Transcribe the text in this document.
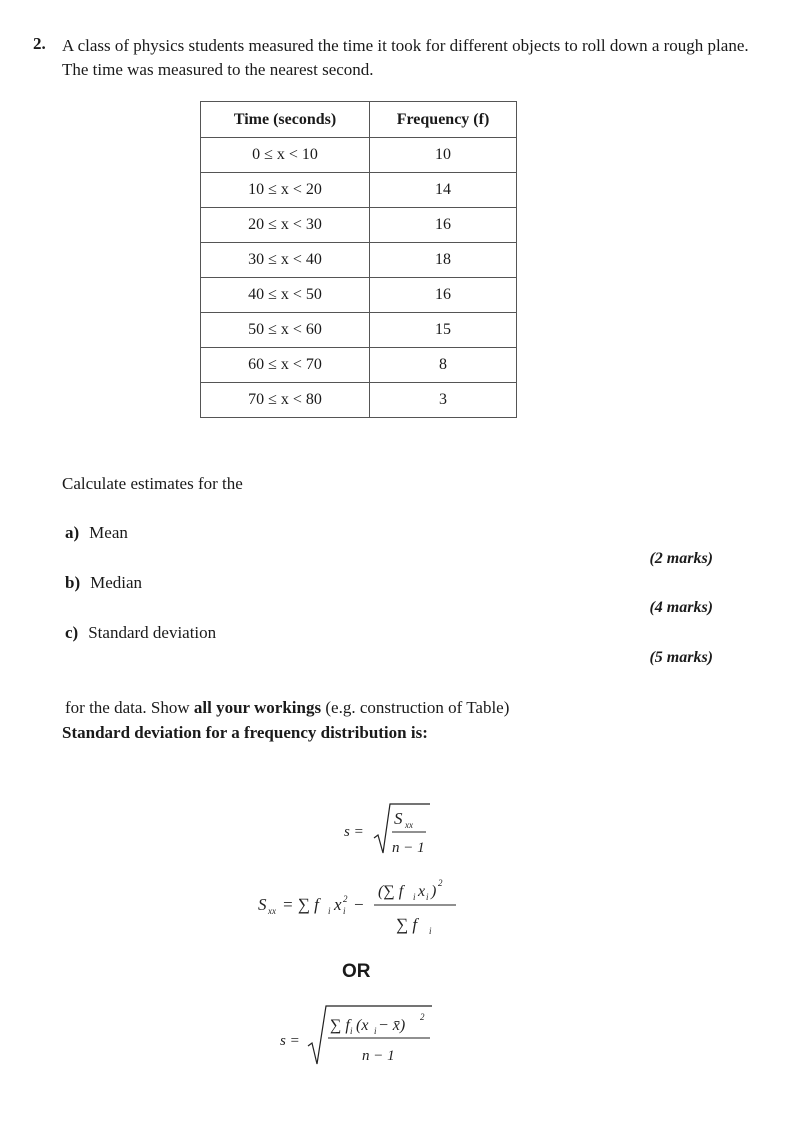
2. A class of physics students measured the time it took for different objects to roll down a rough plane. The time was measured to the nearest second.
Time (seconds)	Frequency (f)
0 ≤ x < 10	10
10 ≤ x < 20	14
20 ≤ x < 30	16
30 ≤ x < 40	18
40 ≤ x < 50	16
50 ≤ x < 60	15
60 ≤ x < 70	8
70 ≤ x < 80	3
Calculate estimates for the
a) Mean
(2 marks)
b) Median
(4 marks)
c) Standard deviation
(5 marks)
for the data. Show all your workings (e.g. construction of Table)
Standard deviation for a frequency distribution is:
s =
S xx
n − 1
S xx = ∑ f i x 2
i −
(∑ f i x i ) 2
∑ f i
OR
s =
∑ f i (x i − x̄) 2
n − 1
